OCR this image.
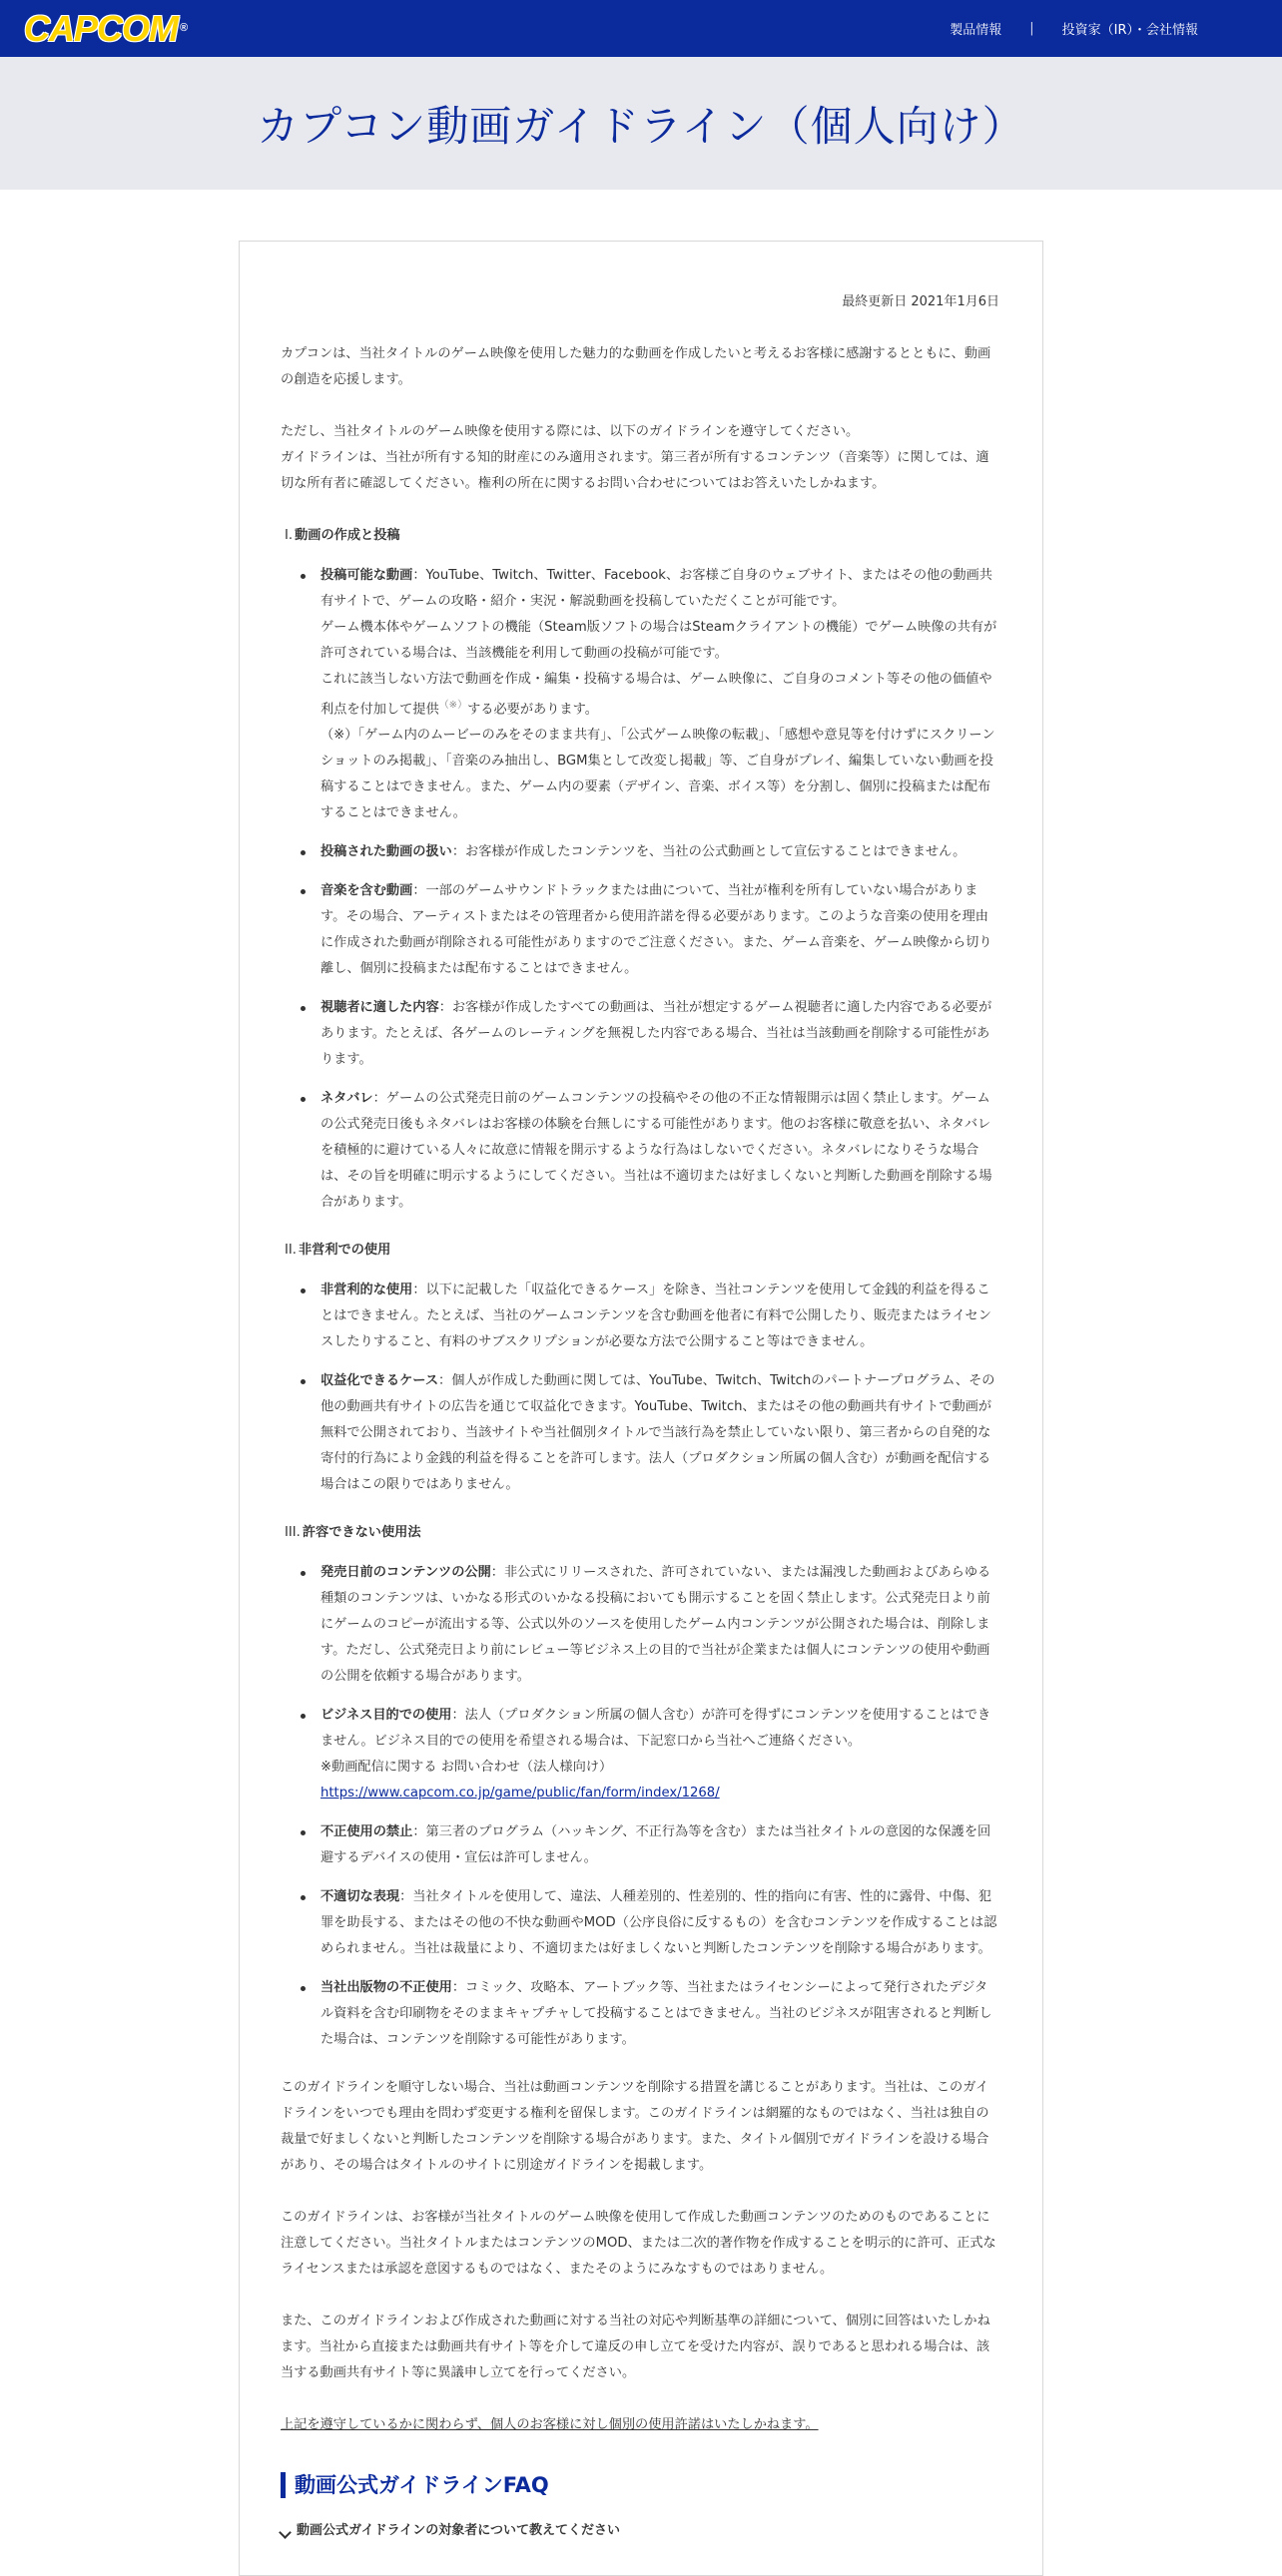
CAPCOM ®	製品情報 | 投資家（IR）・会社情報
カプコン動画ガイドライン（個人向け）

最終更新日 2021年1月6日

カプコンは、当社タイトルのゲーム映像を使用した魅力的な動画を作成したいと考えるお客様に感謝するとともに、動画の創造を応援します。

ただし、当社タイトルのゲーム映像を使用する際には、以下のガイドラインを遵守してください。

ガイドラインは、当社が所有する知的財産にのみ適用されます。第三者が所有するコンテンツ（音楽等）に関しては、適切な所有者に確認してください。権利の所在に関するお問い合わせについてはお答えいたしかねます。

I. 動画の作成と投稿

投稿可能な動画：YouTube、Twitch、Twitter、Facebook、お客様ご自身のウェブサイト、またはその他の動画共有サイトで、ゲームの攻略・紹介・実況・解説動画を投稿していただくことが可能です。
ゲーム機本体やゲームソフトの機能（Steam版ソフトの場合はSteamクライアントの機能）でゲーム映像の共有が許可されている場合は、当該機能を利用して動画の投稿が可能です。
これに該当しない方法で動画を作成・編集・投稿する場合は、ゲーム映像に、ご自身のコメント等その他の価値や利点を付加して提供（※）する必要があります。
（※）「ゲーム内のムービーのみをそのまま共有」、「公式ゲーム映像の転載」、「感想や意見等を付けずにスクリーンショットのみ掲載」、「音楽のみ抽出し、BGM集として改変し掲載」等、ご自身がプレイ、編集していない動画を投稿することはできません。また、ゲーム内の要素（デザイン、音楽、ボイス等）を分割し、個別に投稿または配布することはできません。
投稿された動画の扱い：お客様が作成したコンテンツを、当社の公式動画として宣伝することはできません。
音楽を含む動画：一部のゲームサウンドトラックまたは曲について、当社が権利を所有していない場合があります。その場合、アーティストまたはその管理者から使用許諾を得る必要があります。このような音楽の使用を理由に作成された動画が削除される可能性がありますのでご注意ください。また、ゲーム音楽を、ゲーム映像から切り離し、個別に投稿または配布することはできません。
視聴者に適した内容：お客様が作成したすべての動画は、当社が想定するゲーム視聴者に適した内容である必要があります。たとえば、各ゲームのレーティングを無視した内容である場合、当社は当該動画を削除する可能性があります。
ネタバレ：ゲームの公式発売日前のゲームコンテンツの投稿やその他の不正な情報開示は固く禁止します。ゲームの公式発売日後もネタバレはお客様の体験を台無しにする可能性があります。他のお客様に敬意を払い、ネタバレを積極的に避けている人々に故意に情報を開示するような行為はしないでください。ネタバレになりそうな場合は、その旨を明確に明示するようにしてください。当社は不適切または好ましくないと判断した動画を削除する場合があります。

II. 非営利での使用

非営利的な使用：以下に記載した「収益化できるケース」を除き、当社コンテンツを使用して金銭的利益を得ることはできません。たとえば、当社のゲームコンテンツを含む動画を他者に有料で公開したり、販売またはライセンスしたりすること、有料のサブスクリプションが必要な方法で公開すること等はできません。
収益化できるケース：個人が作成した動画に関しては、YouTube、Twitch、Twitchのパートナープログラム、その他の動画共有サイトの広告を通じて収益化できます。YouTube、Twitch、またはその他の動画共有サイトで動画が無料で公開されており、当該サイトや当社個別タイトルで当該行為を禁止していない限り、第三者からの自発的な寄付的行為により金銭的利益を得ることを許可します。法人（プロダクション所属の個人含む）が動画を配信する場合はこの限りではありません。

III. 許容できない使用法

発売日前のコンテンツの公開：非公式にリリースされた、許可されていない、または漏洩した動画およびあらゆる種類のコンテンツは、いかなる形式のいかなる投稿においても開示することを固く禁止します。公式発売日より前にゲームのコピーが流出する等、公式以外のソースを使用したゲーム内コンテンツが公開された場合は、削除します。ただし、公式発売日より前にレビュー等ビジネス上の目的で当社が企業または個人にコンテンツの使用や動画の公開を依頼する場合があります。
ビジネス目的での使用：法人（プロダクション所属の個人含む）が許可を得ずにコンテンツを使用することはできません。ビジネス目的での使用を希望される場合は、下記窓口から当社へご連絡ください。
※動画配信に関する お問い合わせ（法人様向け）
https://www.capcom.co.jp/game/public/fan/form/index/1268/
不正使用の禁止：第三者のプログラム（ハッキング、不正行為等を含む）または当社タイトルの意図的な保護を回避するデバイスの使用・宣伝は許可しません。
不適切な表現：当社タイトルを使用して、違法、人種差別的、性差別的、性的指向に有害、性的に露骨、中傷、犯罪を助長する、またはその他の不快な動画やMOD（公序良俗に反するもの）を含むコンテンツを作成することは認められません。当社は裁量により、不適切または好ましくないと判断したコンテンツを削除する場合があります。
当社出版物の不正使用：コミック、攻略本、アートブック等、当社またはライセンシーによって発行されたデジタル資料を含む印刷物をそのままキャプチャして投稿することはできません。当社のビジネスが阻害されると判断した場合は、コンテンツを削除する可能性があります。

このガイドラインを順守しない場合、当社は動画コンテンツを削除する措置を講じることがあります。当社は、このガイドラインをいつでも理由を問わず変更する権利を留保します。このガイドラインは網羅的なものではなく、当社は独自の裁量で好ましくないと判断したコンテンツを削除する場合があります。また、タイトル個別でガイドラインを設ける場合があり、その場合はタイトルのサイトに別途ガイドラインを掲載します。

このガイドラインは、お客様が当社タイトルのゲーム映像を使用して作成した動画コンテンツのためのものであることに注意してください。当社タイトルまたはコンテンツのMOD、または二次的著作物を作成することを明示的に許可、正式なライセンスまたは承認を意図するものではなく、またそのようにみなすものではありません。

また、このガイドラインおよび作成された動画に対する当社の対応や判断基準の詳細について、個別に回答はいたしかねます。当社から直接または動画共有サイト等を介して違反の申し立てを受けた内容が、誤りであると思われる場合は、該当する動画共有サイト等に異議申し立てを行ってください。

上記を遵守しているかに関わらず、個人のお客様に対し個別の使用許諾はいたしかねます。

動画公式ガイドラインFAQ

動画公式ガイドラインの対象者について教えてください
